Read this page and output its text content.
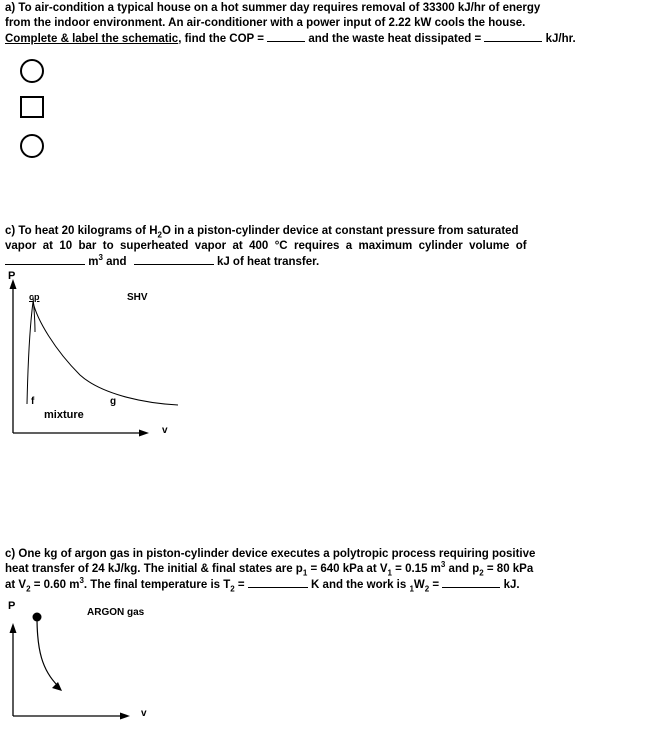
a) To air-condition a typical house on a hot summer day requires removal of 33300 kJ/hr of energy
from the indoor environment. An air-conditioner with a power input of 2.22 kW cools the house.
Complete & label the schematic, find the COP =	and the waste heat dissipated =	kJ/hr.
c) To heat 20 kilograms of $H_2O$ in a piston-cylinder device at constant pressure from saturated
vapor  at  10  bar  to  superheated  vapor  at  400  °C  requires  a  maximum  cylinder  volume  of
$m^3$ and	kJ of heat transfer.
c) One kg of argon gas in piston-cylinder device executes a polytropic process requiring positive
heat transfer of 24 kJ/kg. The initial & final states are $p_1 = 640$ kPa at $V_1 = 0.15$ $m^3$ and $p_2 = 80$ kPa
at $V_2 = 0.60$ $m^3$. The final temperature is $T_2$ =	K and the work is $_1W_2$ =	kJ.
P
cp	SHV
f	g
mixture
v
P
ARGON gas
v
